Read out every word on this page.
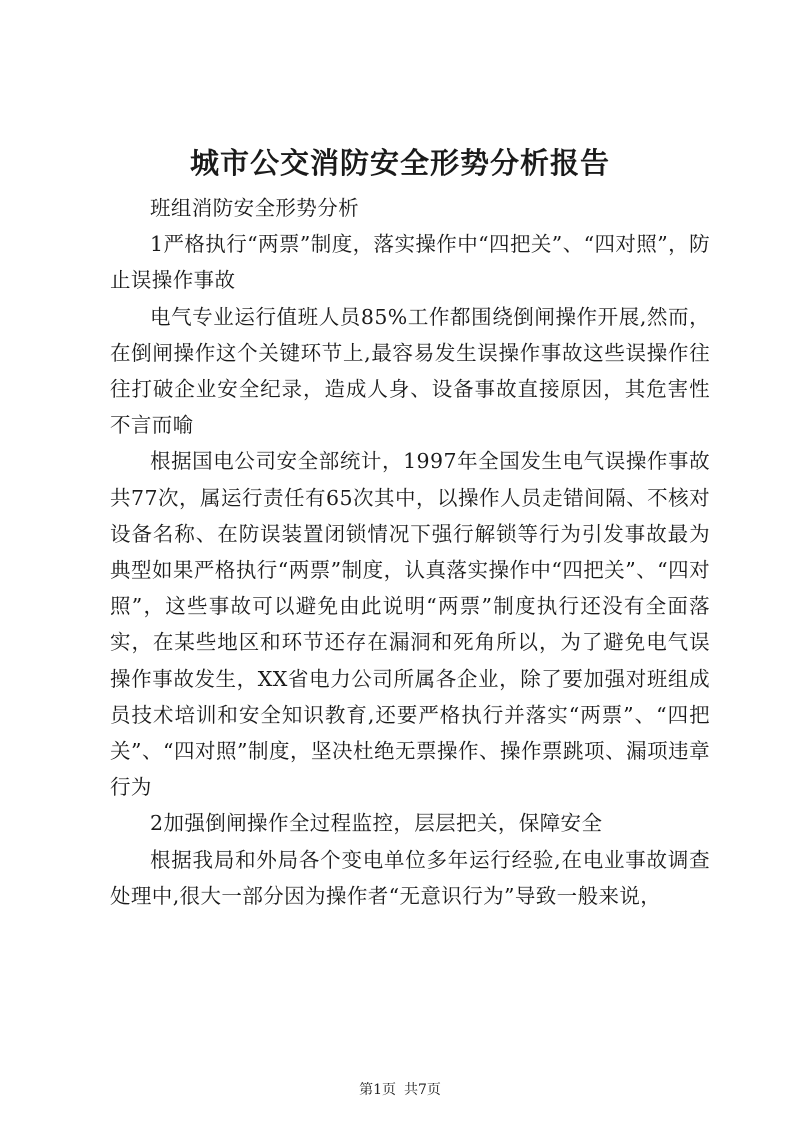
城市公交消防安全形势分析报告

班组消防安全形势分析

1严格执行“两票”制度，落实操作中“四把关”、“四对照”，防止误操作事故

电气专业运行值班人员85%工作都围绕倒闸操作开展,然而，在倒闸操作这个关键环节上,最容易发生误操作事故这些误操作往往打破企业安全纪录，造成人身、设备事故直接原因，其危害性不言而喻

根据国电公司安全部统计，1997年全国发生电气误操作事故共77次，属运行责任有65次其中，以操作人员走错间隔、不核对设备名称、在防误装置闭锁情况下强行解锁等行为引发事故最为典型如果严格执行“两票”制度，认真落实操作中“四把关”、“四对照”，这些事故可以避免由此说明“两票”制度执行还没有全面落实，在某些地区和环节还存在漏洞和死角所以，为了避免电气误操作事故发生，XX省电力公司所属各企业，除了要加强对班组成员技术培训和安全知识教育,还要严格执行并落实“两票”、“四把关”、“四对照”制度，坚决杜绝无票操作、操作票跳项、漏项违章行为

2加强倒闸操作全过程监控，层层把关，保障安全

根据我局和外局各个变电单位多年运行经验,在电业事故调查处理中,很大一部分因为操作者“无意识行为”导致一般来说，

第1页 共7页
